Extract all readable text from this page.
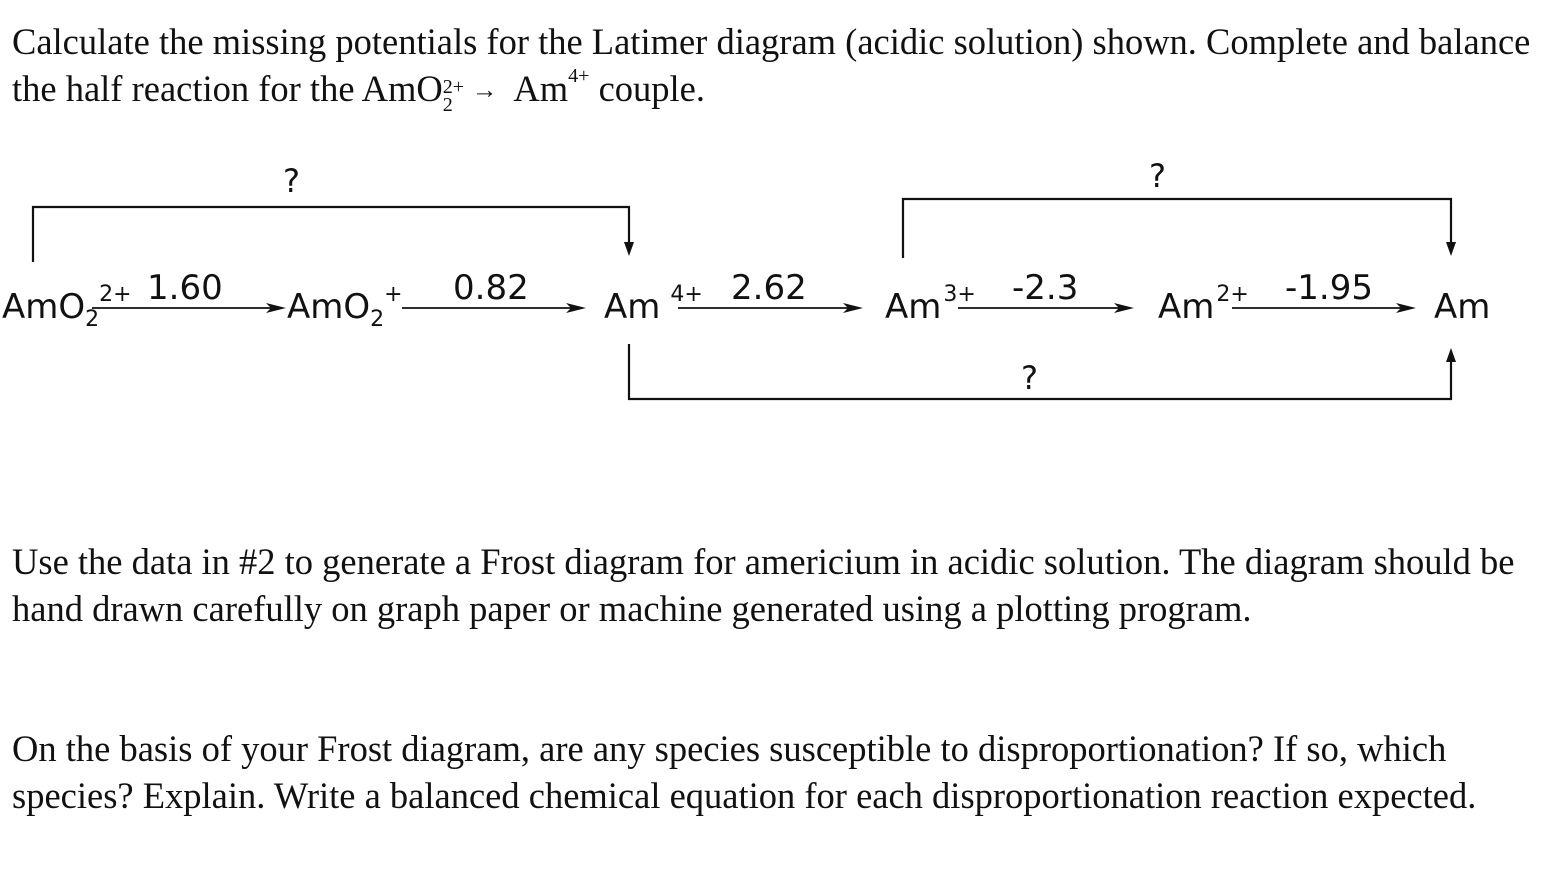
Calculate the missing potentials for the Latimer diagram (acidic solution) shown. Complete and balance the half reaction for the AmO 2+
2
→ $Am^{4+}$ couple.

AmO$_2^{2+}$	AmO$_2$+	Am $^{4+}$	$Am^{3+}$	$Am^{2+}$	Am
1.60	0.82	2.62	-2.3	-1.95
?	?
?

Use the data in #2 to generate a Frost diagram for americium in acidic solution. The diagram should be hand drawn carefully on graph paper or machine generated using a plotting program.

On the basis of your Frost diagram, are any species susceptible to disproportionation? If so, which species? Explain. Write a balanced chemical equation for each disproportionation reaction expected.
